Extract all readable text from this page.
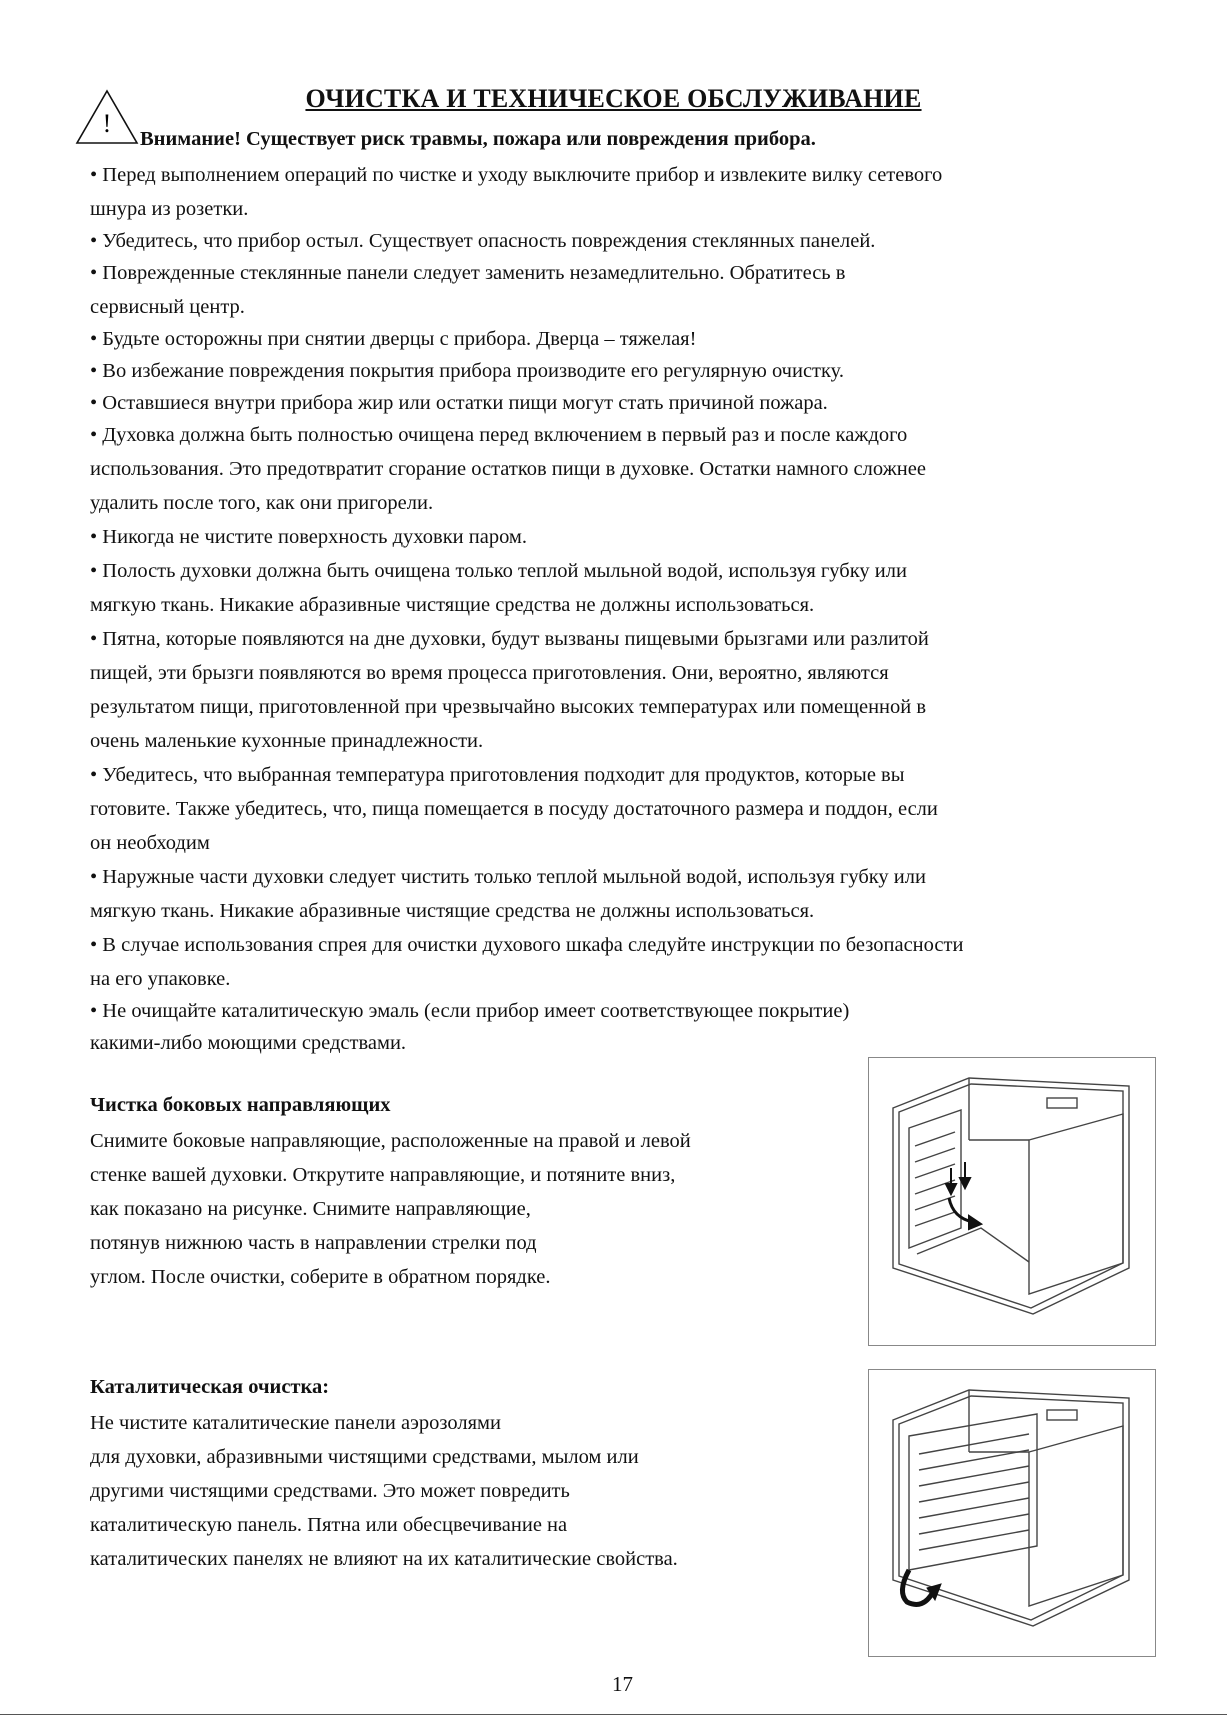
ОЧИСТКА И ТЕХНИЧЕСКОЕ ОБСЛУЖИВАНИЕ
!
Внимание! Существует риск травмы, пожара или повреждения прибора.
• Перед выполнением операций по чистке и уходу выключите прибор и извлеките вилку сетевого
шнура из розетки.
• Убедитесь, что прибор остыл. Существует опасность повреждения стеклянных панелей.
• Поврежденные стеклянные панели следует заменить незамедлительно. Обратитесь в
сервисный центр.
• Будьте осторожны при снятии дверцы с прибора. Дверца – тяжелая!
• Во избежание повреждения покрытия прибора производите его регулярную очистку.
• Оставшиеся внутри прибора жир или остатки пищи могут стать причиной пожара.
• Духовка должна быть полностью очищена перед включением в первый раз и после каждого
использования. Это предотвратит сгорание остатков пищи в духовке. Остатки намного сложнее
удалить после того, как они пригорели.
• Никогда не чистите поверхность духовки паром.
• Полость духовки должна быть очищена только теплой мыльной водой, используя губку или
мягкую ткань. Никакие абразивные чистящие средства не должны использоваться.
• Пятна, которые появляются на дне духовки, будут вызваны пищевыми брызгами или разлитой
пищей, эти брызги появляются во время процесса приготовления. Они, вероятно, являются
результатом пищи, приготовленной при чрезвычайно высоких температурах или помещенной в
очень маленькие кухонные принадлежности.
• Убедитесь, что выбранная температура приготовления подходит для продуктов, которые вы
готовите. Также убедитесь, что, пища помещается в посуду достаточного размера и поддон, если
он необходим
• Наружные части духовки следует чистить только теплой мыльной водой, используя губку или
мягкую ткань. Никакие абразивные чистящие средства не должны использоваться.
• В случае использования спрея для очистки духового шкафа следуйте инструкции по безопасности
на его упаковке.
• Не очищайте каталитическую эмаль (если прибор имеет соответствующее покрытие)
какими-либо моющими средствами.
Чистка боковых направляющих
Снимите боковые направляющие, расположенные на правой и левой
стенке вашей духовки. Открутите направляющие, и потяните вниз,
как показано на рисунке. Снимите направляющие,
потянув нижнюю часть в направлении стрелки под
углом. После очистки, соберите в обратном порядке.
Каталитическая очистка:
Не чистите каталитические панели аэрозолями
для духовки, абразивными чистящими средствами, мылом или
другими чистящими средствами. Это может повредить
каталитическую панель. Пятна или обесцвечивание на
каталитических панелях не влияют на их каталитические свойства.
17
